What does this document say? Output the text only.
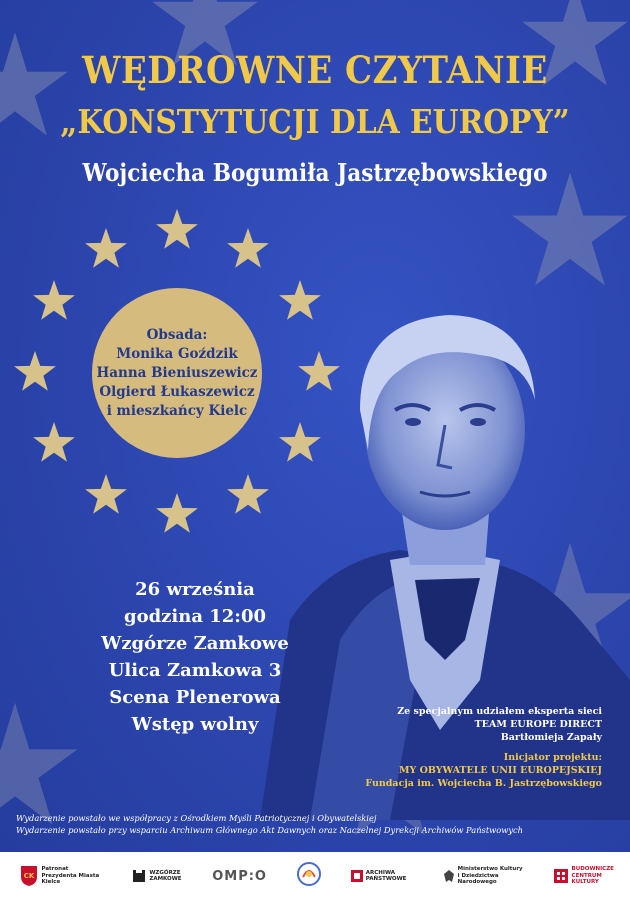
WĘDROWNE CZYTANIE
„KONSTYTUCJI DLA EUROPY”
Wojciecha Bogumiła Jastrzębowskiego
Obsada:
Monika Goździk
Hanna Bieniuszewicz
Olgierd Łukaszewicz
i mieszkańcy Kielc
26 września
godzina 12:00
Wzgórze Zamkowe
Ulica Zamkowa 3
Scena Plenerowa
Wstęp wolny
Ze specjalnym udziałem eksperta sieci
TEAM EUROPE DIRECT
Bartłomieja Zapały
Inicjator projektu:
MY OBYWATELE UNII EUROPEJSKIEJ
Fundacja im. Wojciecha B. Jastrzębowskiego
Wydarzenie powstało we współpracy z Ośrodkiem Myśli Patriotycznej i Obywatelskiej
Wydarzenie powstało przy wsparciu Archiwum Głównego Akt Dawnych oraz Naczelnej Dyrekcji Archiwów Państwowych
CK
Patronat Prezydenta Miasta Kielce
WZGÓRZE ZAMKOWE OMP:O	ARCHIWA PAŃSTWOWE
Ministerstwo Kultury i Dziedzictwa Narodowego
BUDOWNICZE CENTRUM KULTURY
